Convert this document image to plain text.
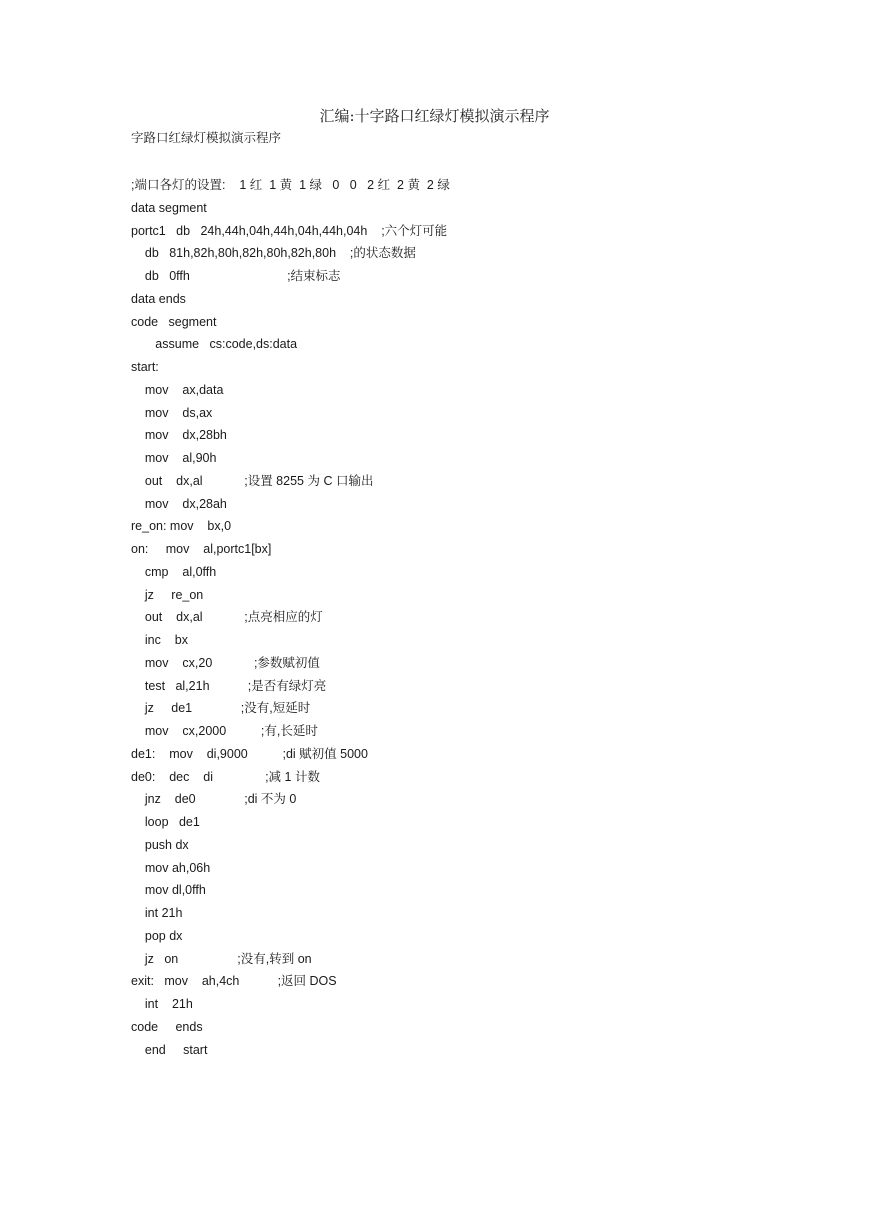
汇编:十字路口红绿灯模拟演示程序
字路口红绿灯模拟演示程序
;端口各灯的设置:    1 红  1 黄  1 绿   0   0   2 红  2 黄  2 绿
data segment
portc1   db   24h,44h,04h,44h,04h,44h,04h    ;六个灯可能
db   81h,82h,80h,82h,80h,82h,80h    ;的状态数据
db   0ffh                            ;结束标志
data ends
code   segment
assume   cs:code,ds:data
start:
mov    ax,data
mov    ds,ax
mov    dx,28bh
mov    al,90h
out    dx,al            ;设置 8255 为 C 口输出
mov    dx,28ah
re_on: mov    bx,0
on:     mov    al,portc1[bx]
cmp    al,0ffh
jz     re_on
out    dx,al            ;点亮相应的灯
inc    bx
mov    cx,20            ;参数赋初值
test   al,21h           ;是否有绿灯亮
jz     de1              ;没有,短延时
mov    cx,2000          ;有,长延时
de1:    mov    di,9000          ;di 赋初值 5000
de0:    dec    di               ;减 1 计数
jnz    de0              ;di 不为 0
loop   de1
push dx
mov ah,06h
mov dl,0ffh
int 21h
pop dx
jz   on                 ;没有,转到 on
exit:   mov    ah,4ch           ;返回 DOS
int    21h
code     ends
end     start
